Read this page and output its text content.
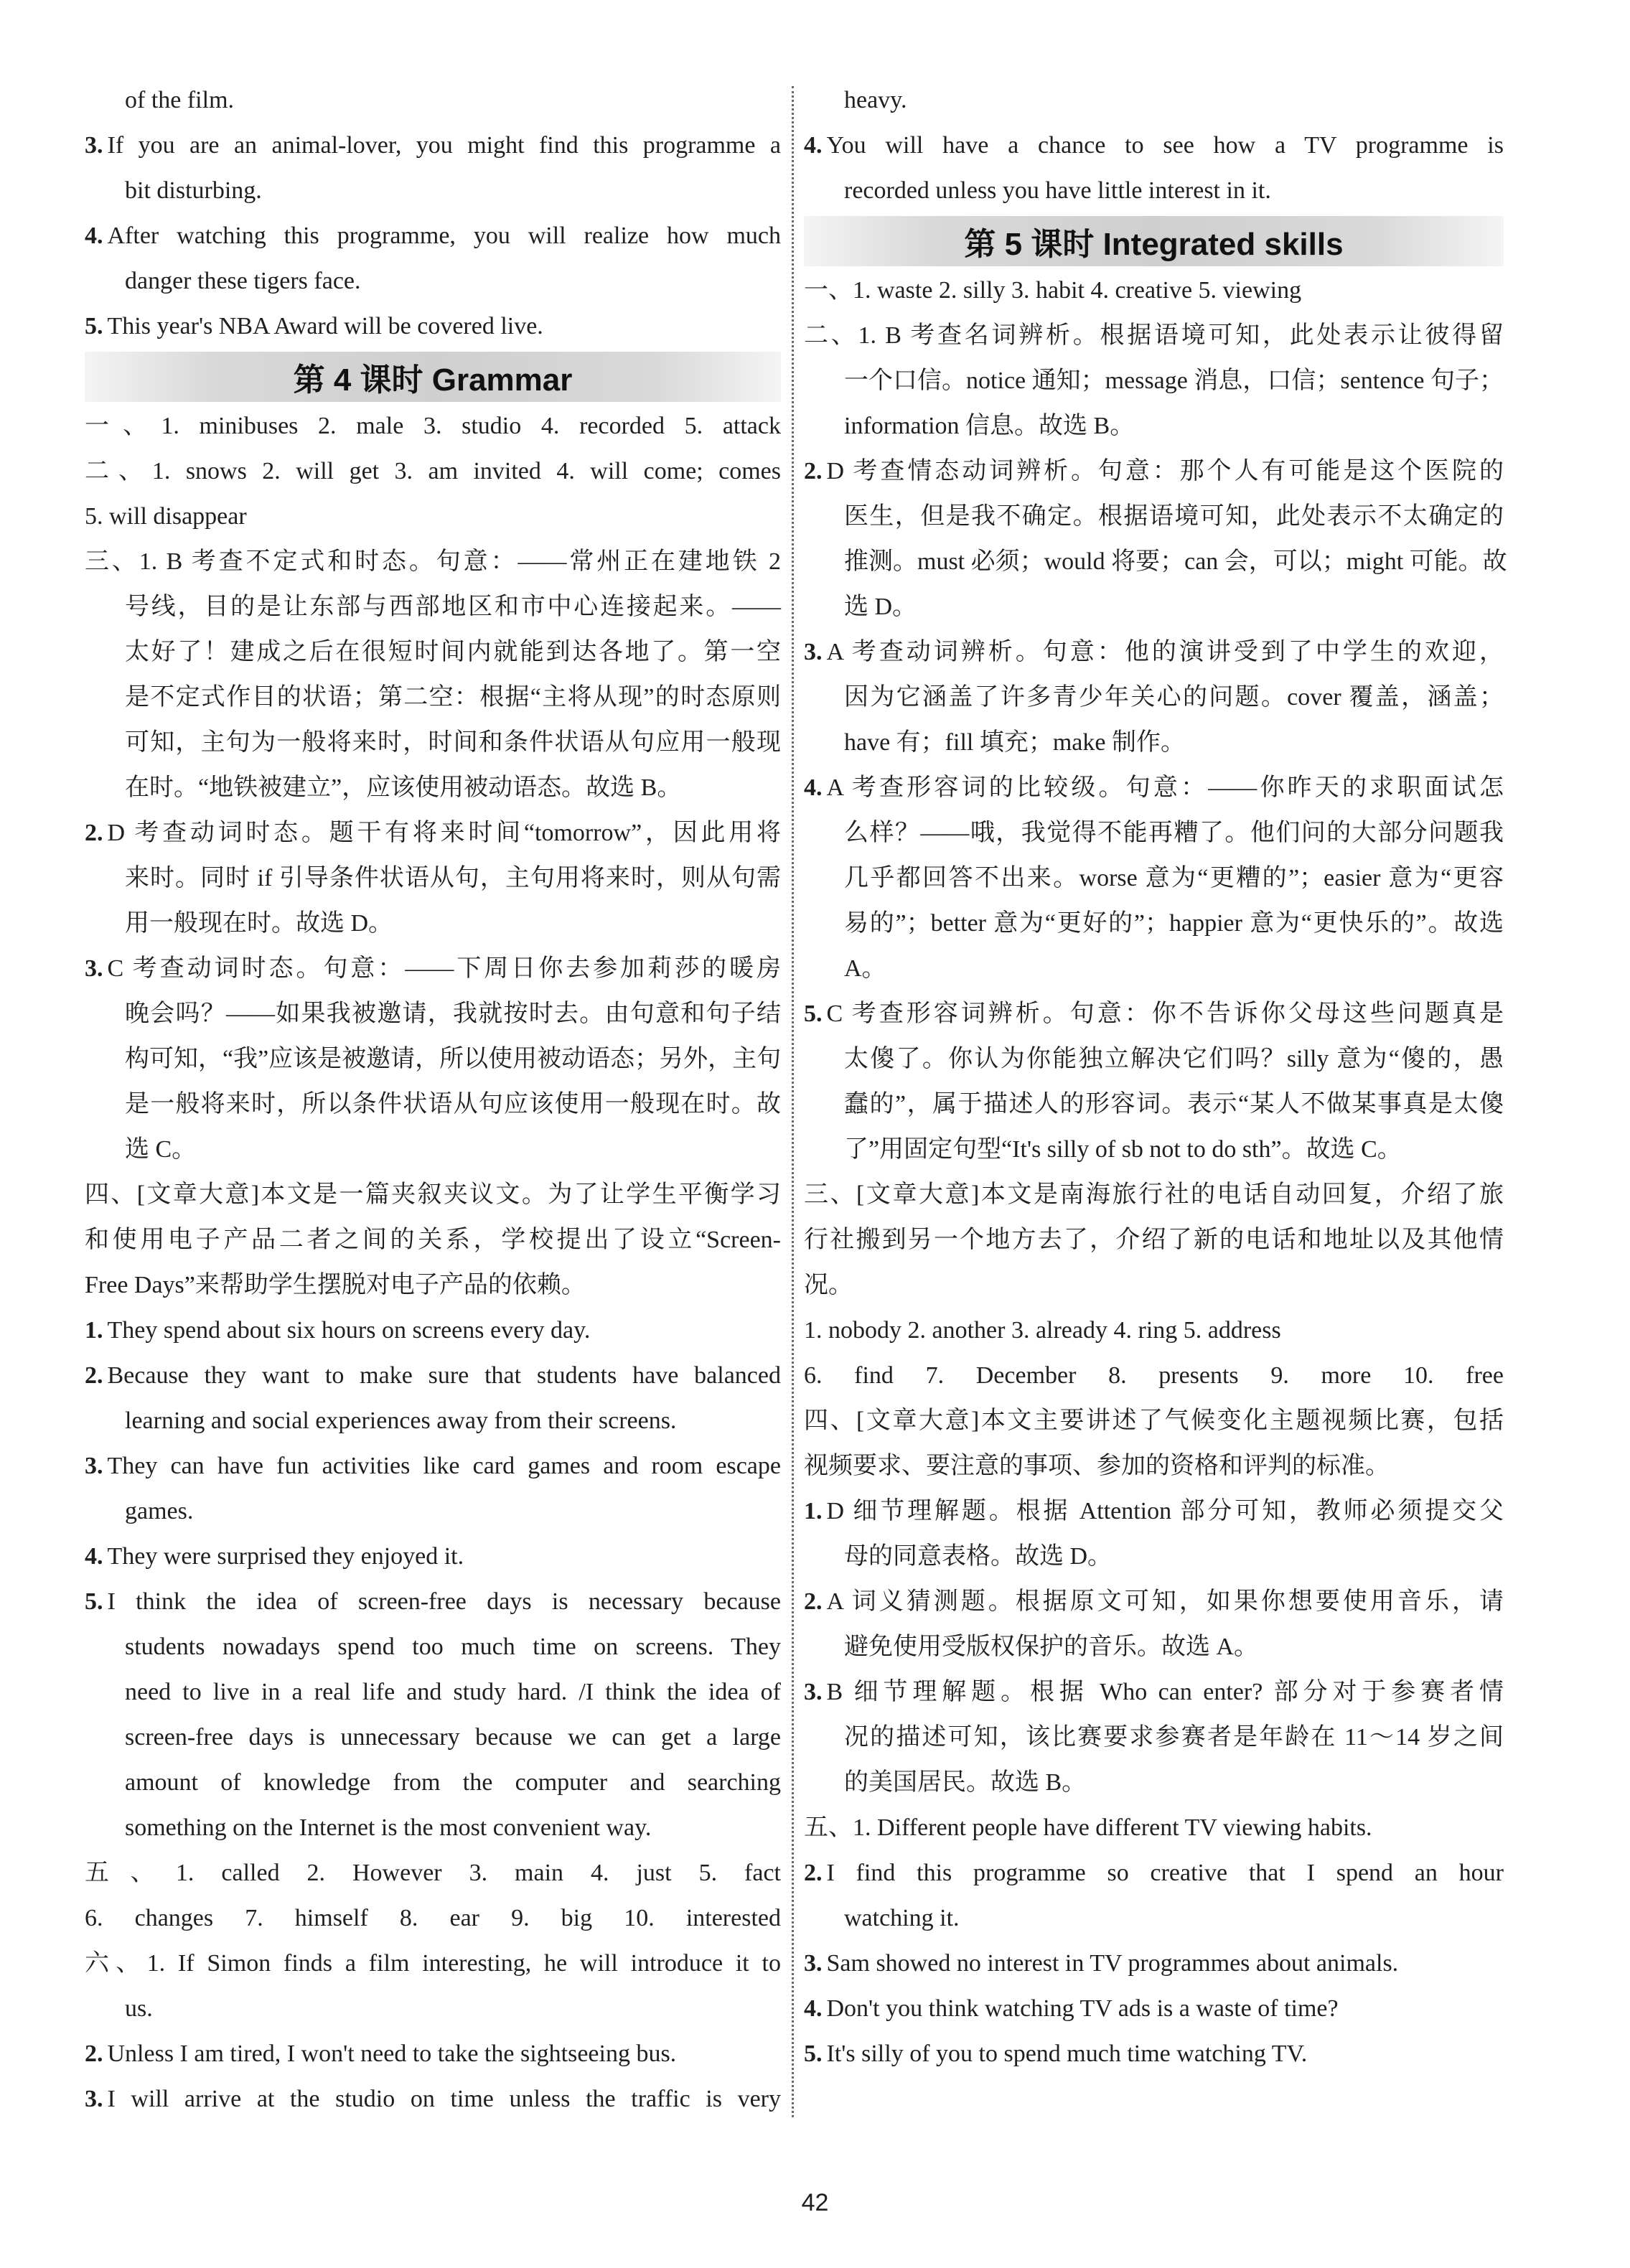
of the film.
3. If you are an animal-lover, you might find this programme a
bit disturbing.
4. After watching this programme, you will realize how much
danger these tigers face.
5. This year's NBA Award will be covered live.
第 4 课时 Grammar
一、1. minibuses 2. male 3. studio 4. recorded 5. attack
二、1. snows 2. will get 3. am invited 4. will come; comes
5. will disappear
三、1. B 考查不定式和时态。句意：——常州正在建地铁 2
号线，目的是让东部与西部地区和市中心连接起来。——
太好了！建成之后在很短时间内就能到达各地了。第一空
是不定式作目的状语；第二空：根据“主将从现”的时态原则
可知，主句为一般将来时，时间和条件状语从句应用一般现
在时。“地铁被建立”，应该使用被动语态。故选 B。
2. D 考查动词时态。题干有将来时间“tomorrow”，因此用将
来时。同时 if 引导条件状语从句，主句用将来时，则从句需
用一般现在时。故选 D。
3. C 考查动词时态。句意：——下周日你去参加莉莎的暖房
晚会吗？——如果我被邀请，我就按时去。由句意和句子结
构可知，“我”应该是被邀请，所以使用被动语态；另外，主句
是一般将来时，所以条件状语从句应该使用一般现在时。故
选 C。
四、[文章大意]本文是一篇夹叙夹议文。为了让学生平衡学习
和使用电子产品二者之间的关系，学校提出了设立“Screen-
Free Days”来帮助学生摆脱对电子产品的依赖。
1. They spend about six hours on screens every day.
2. Because they want to make sure that students have balanced
learning and social experiences away from their screens.
3. They can have fun activities like card games and room escape
games.
4. They were surprised they enjoyed it.
5. I think the idea of screen-free days is necessary because
students nowadays spend too much time on screens. They
need to live in a real life and study hard. /I think the idea of
screen-free days is unnecessary because we can get a large
amount of knowledge from the computer and searching
something on the Internet is the most convenient way.
五、1. called 2. However 3. main 4. just 5. fact
6. changes 7. himself 8. ear 9. big 10. interested
六、1. If Simon finds a film interesting, he will introduce it to
us.
2. Unless I am tired, I won't need to take the sightseeing bus.
3. I will arrive at the studio on time unless the traffic is very
heavy.
4. You will have a chance to see how a TV programme is
recorded unless you have little interest in it.
第 5 课时 Integrated skills
一、1. waste 2. silly 3. habit 4. creative 5. viewing
二、1. B 考查名词辨析。根据语境可知，此处表示让彼得留
一个口信。notice 通知；message 消息，口信；sentence 句子；
information 信息。故选 B。
2. D 考查情态动词辨析。句意：那个人有可能是这个医院的
医生，但是我不确定。根据语境可知，此处表示不太确定的
推测。must 必须；would 将要；can 会，可以；might 可能。故
选 D。
3. A 考查动词辨析。句意：他的演讲受到了中学生的欢迎，
因为它涵盖了许多青少年关心的问题。cover 覆盖，涵盖；
have 有；fill 填充；make 制作。
4. A 考查形容词的比较级。句意：——你昨天的求职面试怎
么样？——哦，我觉得不能再糟了。他们问的大部分问题我
几乎都回答不出来。worse 意为“更糟的”；easier 意为“更容
易的”；better 意为“更好的”；happier 意为“更快乐的”。故选
A。
5. C 考查形容词辨析。句意：你不告诉你父母这些问题真是
太傻了。你认为你能独立解决它们吗？silly 意为“傻的，愚
蠢的”，属于描述人的形容词。表示“某人不做某事真是太傻
了”用固定句型“It's silly of sb not to do sth”。故选 C。
三、[文章大意]本文是南海旅行社的电话自动回复，介绍了旅
行社搬到另一个地方去了，介绍了新的电话和地址以及其他情
况。
1. nobody 2. another 3. already 4. ring 5. address
6. find 7. December 8. presents 9. more 10. free
四、[文章大意]本文主要讲述了气候变化主题视频比赛，包括
视频要求、要注意的事项、参加的资格和评判的标准。
1. D 细节理解题。根据 Attention 部分可知，教师必须提交父
母的同意表格。故选 D。
2. A 词义猜测题。根据原文可知，如果你想要使用音乐，请
避免使用受版权保护的音乐。故选 A。
3. B 细节理解题。根据 Who can enter? 部分对于参赛者情
况的描述可知，该比赛要求参赛者是年龄在 11～14 岁之间
的美国居民。故选 B。
五、1. Different people have different TV viewing habits.
2. I find this programme so creative that I spend an hour
watching it.
3. Sam showed no interest in TV programmes about animals.
4. Don't you think watching TV ads is a waste of time?
5. It's silly of you to spend much time watching TV.
42
